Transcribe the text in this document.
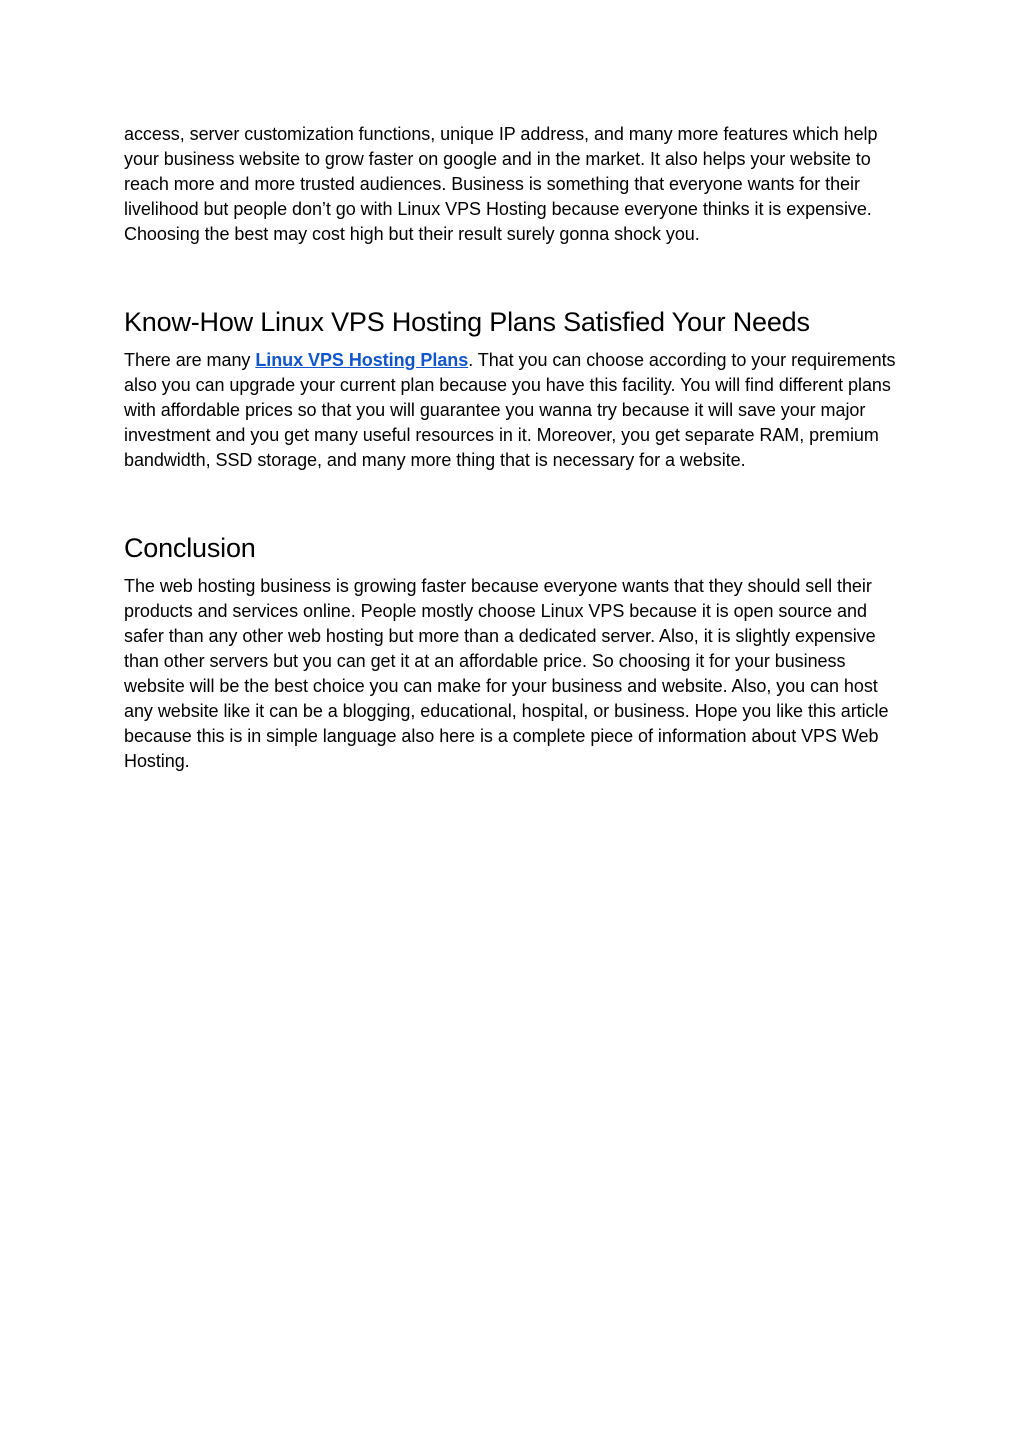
access, server customization functions, unique IP address, and many more features which help your business website to grow faster on google and in the market. It also helps your website to reach more and more trusted audiences. Business is something that everyone wants for their livelihood but people don’t go with Linux VPS Hosting because everyone thinks it is expensive. Choosing the best may cost high but their result surely gonna shock you.

Know-How Linux VPS Hosting Plans Satisfied Your Needs

There are many Linux VPS Hosting Plans. That you can choose according to your requirements also you can upgrade your current plan because you have this facility. You will find different plans with affordable prices so that you will guarantee you wanna try because it will save your major investment and you get many useful resources in it. Moreover, you get separate RAM, premium bandwidth, SSD storage, and many more thing that is necessary for a website.

Conclusion

The web hosting business is growing faster because everyone wants that they should sell their products and services online. People mostly choose Linux VPS because it is open source and safer than any other web hosting but more than a dedicated server. Also, it is slightly expensive than other servers but you can get it at an affordable price. So choosing it for your business website will be the best choice you can make for your business and website. Also, you can host any website like it can be a blogging, educational, hospital, or business. Hope you like this article because this is in simple language also here is a complete piece of information about VPS Web Hosting.
